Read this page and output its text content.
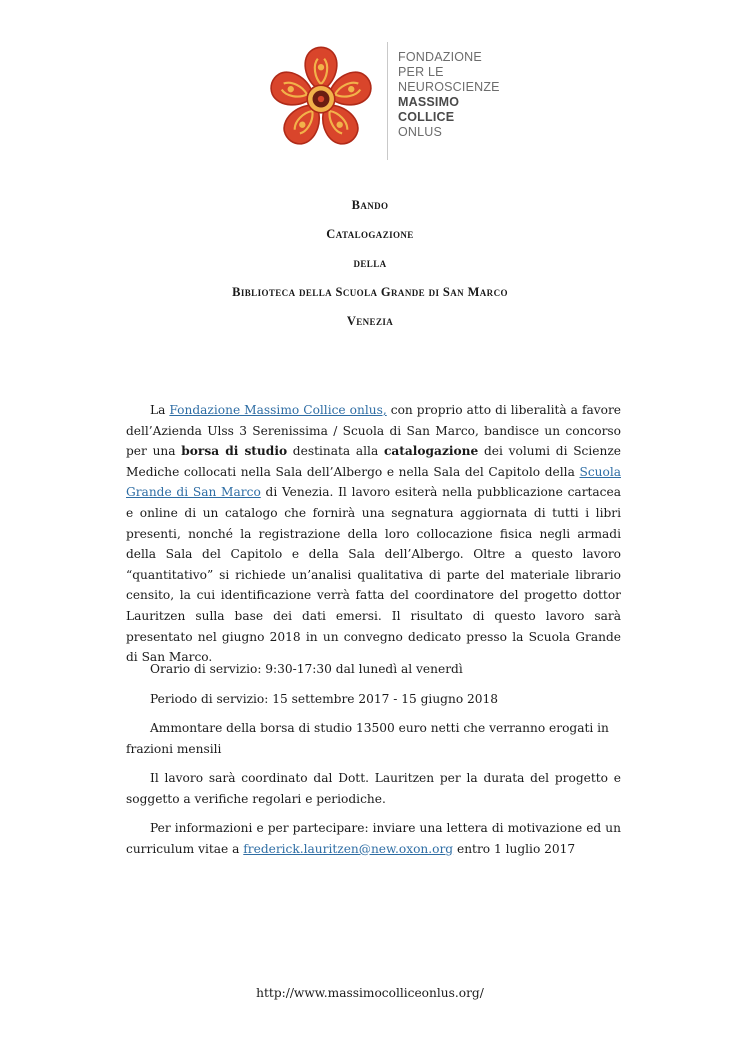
FONDAZIONE
PER LE
NEUROSCIENZE
MASSIMO
COLLICE
ONLUS
Bando
Catalogazione
della
Biblioteca della Scuola Grande di San Marco
Venezia

La Fondazione Massimo Collice onlus, con proprio atto di liberalità a favore dell’Azienda Ulss 3 Serenissima / Scuola di San Marco, bandisce un concorso per una borsa di studio destinata alla catalogazione dei volumi di Scienze Mediche collocati nella Sala dell’Albergo e nella Sala del Capitolo della Scuola Grande di San Marco di Venezia. Il lavoro esiterà nella pubblicazione cartacea e online di un catalogo che fornirà una segnatura aggiornata di tutti i libri presenti, nonché la registrazione della loro collocazione fisica negli armadi della Sala del Capitolo e della Sala dell’Albergo. Oltre a questo lavoro “quantitativo” si richiede un’analisi qualitativa di parte del materiale librario censito, la cui identificazione verrà fatta del coordinatore del progetto dottor Lauritzen sulla base dei dati emersi. Il risultato di questo lavoro sarà presentato nel giugno 2018 in un convegno dedicato presso la Scuola Grande di San Marco.

Orario di servizio: 9:30-17:30 dal lunedì al venerdì
Periodo di servizio: 15 settembre 2017 - 15 giugno 2018
Ammontare della borsa di studio 13500 euro netti che verranno erogati in frazioni mensili
Il lavoro sarà coordinato dal Dott. Lauritzen per la durata del progetto e soggetto a verifiche regolari e periodiche.
Per informazioni e per partecipare: inviare una lettera di motivazione ed un curriculum vitae a frederick.lauritzen@new.oxon.org entro 1 luglio 2017
http://www.massimocolliceonlus.org/
